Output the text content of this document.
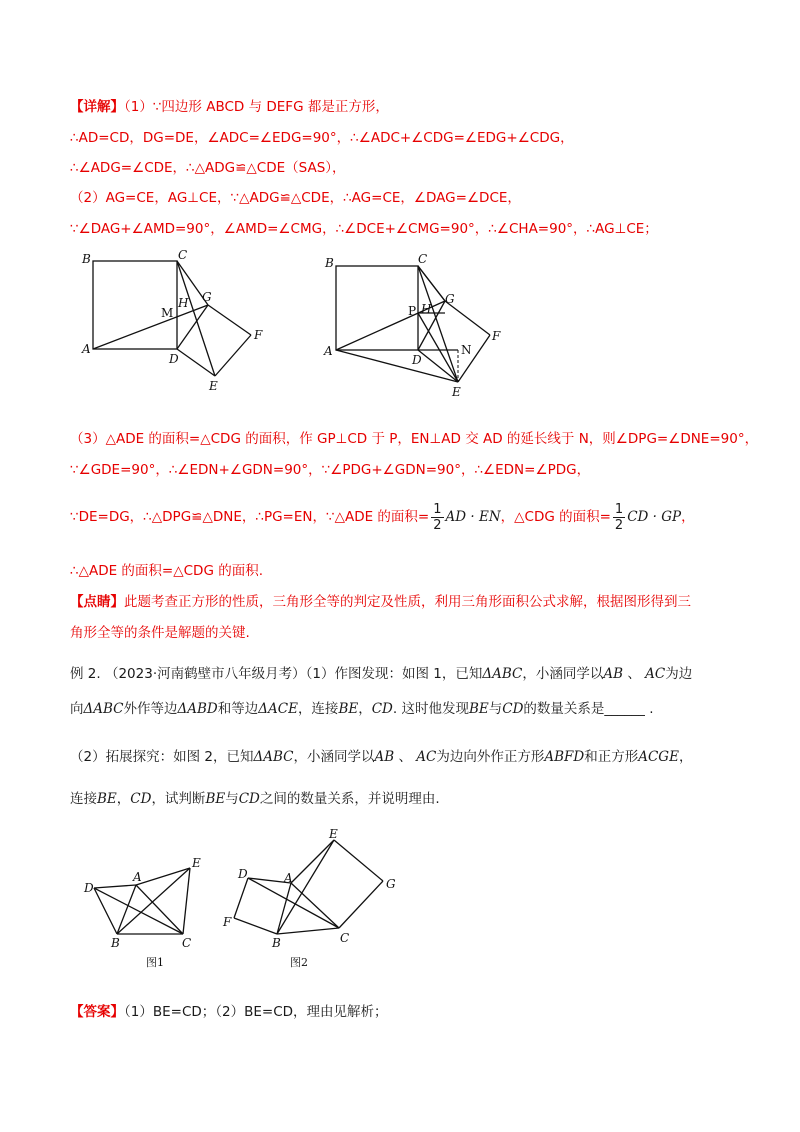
【详解】（1）∵四边形 ABCD 与 DEFG 都是正方形，
∴AD=CD，DG=DE，∠ADC=∠EDG=90°，∴∠ADC+∠CDG=∠EDG+∠CDG，
∴∠ADG=∠CDE，∴△ADG≌△CDE（SAS），
（2）AG=CE，AG⊥CE，∵△ADG≌△CDE，∴AG=CE，∠DAG=∠DCE，
∵∠DAG+∠AMD=90°，∠AMD=∠CMG，∴∠DCE+∠CMG=90°，∴∠CHA=90°，∴AG⊥CE；
B	C
A
D
G
F
E
H
M
B	C
A
D
G
F
E
H
P
N
（3）△ADE 的面积=△CDG 的面积，作 GP⊥CD 于 P，EN⊥AD 交 AD 的延长线于 N，则∠DPG=∠DNE=90°，
∵∠GDE=90°，∴∠EDN+∠GDN=90°，∵∠PDG+∠GDN=90°，∴∠EDN=∠PDG，
∵DE=DG，∴△DPG≌△DNE，∴PG=EN，∵△ADE 的面积= $\frac{1}{2}$ AD · EN，△CDG 的面积= $\frac{1}{2}$ CD · GP，
∴△ADE 的面积=△CDG 的面积.
【点睛】此题考查正方形的性质，三角形全等的判定及性质，利用三角形面积公式求解，根据图形得到三
角形全等的条件是解题的关键.
例 2. （2023·河南鹤壁市八年级月考）（1）作图发现：如图 1，已知ΔABC，小涵同学以AB 、 AC为边
向ΔABC外作等边ΔABD和等边ΔACE，连接BE，CD. 这时他发现BE与CD的数量关系是______ .
（2）拓展探究：如图 2，已知ΔABC，小涵同学以AB 、 AC为边向外作正方形ABFD和正方形ACGE，
连接BE，CD，试判断BE与CD之间的数量关系，并说明理由.
D
A
E
B	C
图1
D	A
E
G
F
B	C
图2
【答案】（1）BE=CD；（2）BE=CD，理由见解析；
